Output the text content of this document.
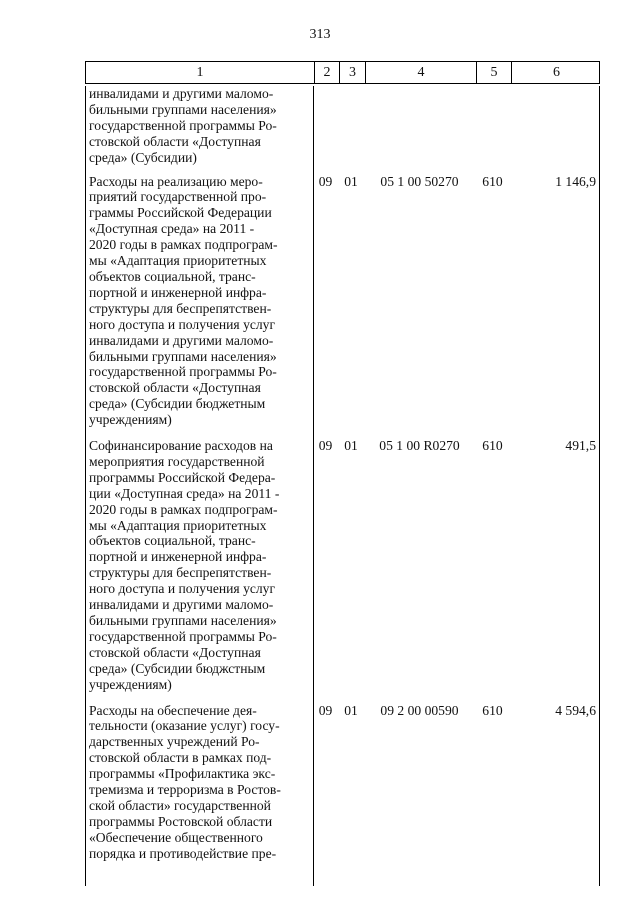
313
1	2	3	4	5	6
инвалидами и другими маломо-
бильными группами населения»
государственной программы Ро-
стовской области «Доступная
среда» (Субсидии)
Расходы на реализацию меро-
приятий государственной про-
граммы Российской Федерации
«Доступная среда» на 2011 -
2020 годы в рамках подпрограм-
мы «Адаптация приоритетных
объектов социальной, транс-
портной и инженерной инфра-
структуры для беспрепятствен-
ного доступа и получения услуг
инвалидами и другими маломо-
бильными группами населения»
государственной программы Ро-
стовской области «Доступная
среда» (Субсидии бюджетным
учреждениям)
09 01	05 1 00 50270	610	1 146,9
Софинансирование расходов на
мероприятия государственной
программы Российской Федера-
ции «Доступная среда» на 2011 -
2020 годы в рамках подпрограм-
мы «Адаптация приоритетных
объектов социальной, транс-
портной и инженерной инфра-
структуры для беспрепятствен-
ного доступа и получения услуг
инвалидами и другими маломо-
бильными группами населения»
государственной программы Ро-
стовской области «Доступная
среда» (Субсидии бюджстным
учреждениям)
09 01	05 1 00 R0270	610	491,5
Расходы на обеспечение дея-
тельности (оказание услуг) госу-
дарственных учреждений Ро-
стовской области в рамках под-
программы «Профилактика экс-
тремизма и терроризма в Ростов-
ской области» государственной
программы Ростовской области
«Обеспечение общественного
порядка и противодействие пре-
09 01	09 2 00 00590	610	4 594,6
